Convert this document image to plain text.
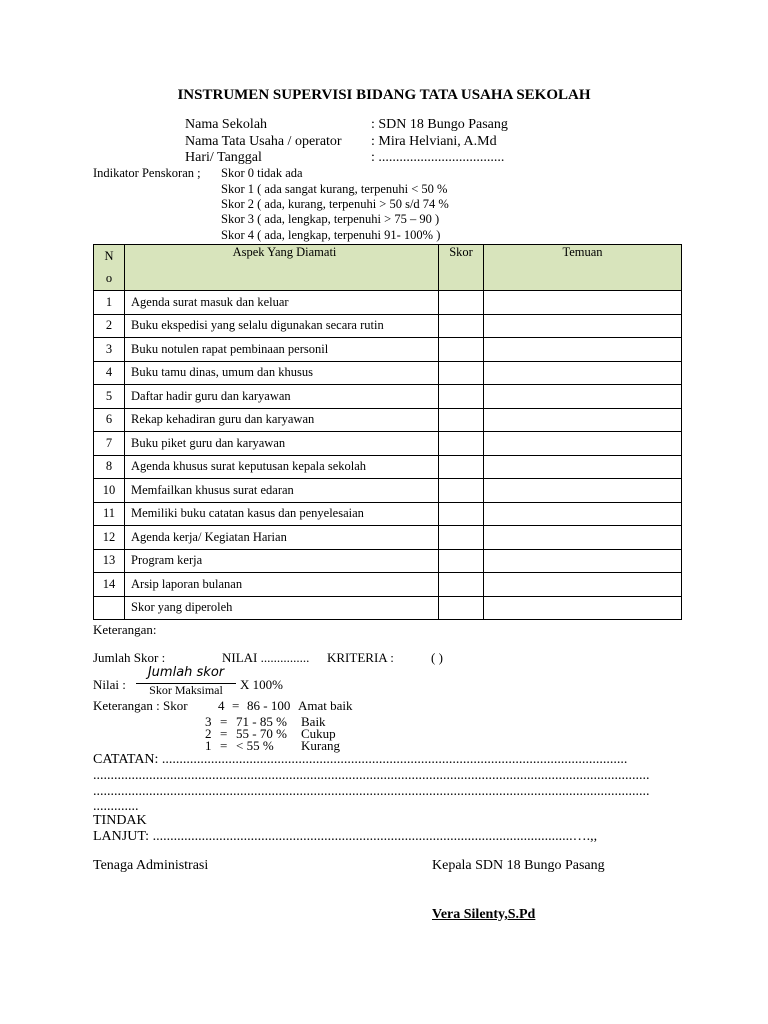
INSTRUMEN SUPERVISI BIDANG TATA USAHA SEKOLAH
Nama Sekolah	: SDN 18 Bungo Pasang
Nama Tata Usaha / operator : Mira Helviani, A.Md
Hari/ Tanggal	: ....................................
Indikator Penskoran ; Skor 0 tidak ada
Skor 1 ( ada sangat kurang, terpenuhi < 50 %
Skor 2 ( ada, kurang, terpenuhi > 50 s/d 74 %
Skor 3 ( ada, lengkap, terpenuhi > 75 – 90 )
Skor 4 ( ada, lengkap, terpenuhi 91- 100% )
N
o	Aspek Yang Diamati	Skor	Temuan
1	Agenda surat masuk dan keluar		
2	Buku ekspedisi yang selalu digunakan secara rutin		
3	Buku notulen rapat pembinaan personil		
4	Buku tamu dinas, umum dan khusus		
5	Daftar hadir guru dan karyawan		
6	Rekap kehadiran guru dan karyawan		
7	Buku piket guru dan karyawan		
8	Agenda khusus surat keputusan kepala sekolah		
10	Memfailkan khusus surat edaran		
11	Memiliki buku catatan kasus dan penyelesaian		
12	Agenda kerja/ Kegiatan Harian		
13	Program kerja		
14	Arsip laporan bulanan		
	Skor yang diperoleh		
Keterangan:
Jumlah Skor :	NILAI ............... KRITERIA :	( )
Nilai :
Jumlah skor
Skor Maksimal	X 100%
Keterangan : Skor 4 = 86 - 100 Amat baik
3 = 71 - 85 % Baik
2 = 55 - 70 % Cukup
1 = < 55 % Kurang
CATATAN: .....................................................................................................................................
...............................................................................................................................................................
...............................................................................................................................................................
.............
TINDAK
LANJUT: ........................................................................................................................….,,
Tenaga Administrasi	Kepala SDN 18 Bungo Pasang
Vera Silenty,S.Pd
